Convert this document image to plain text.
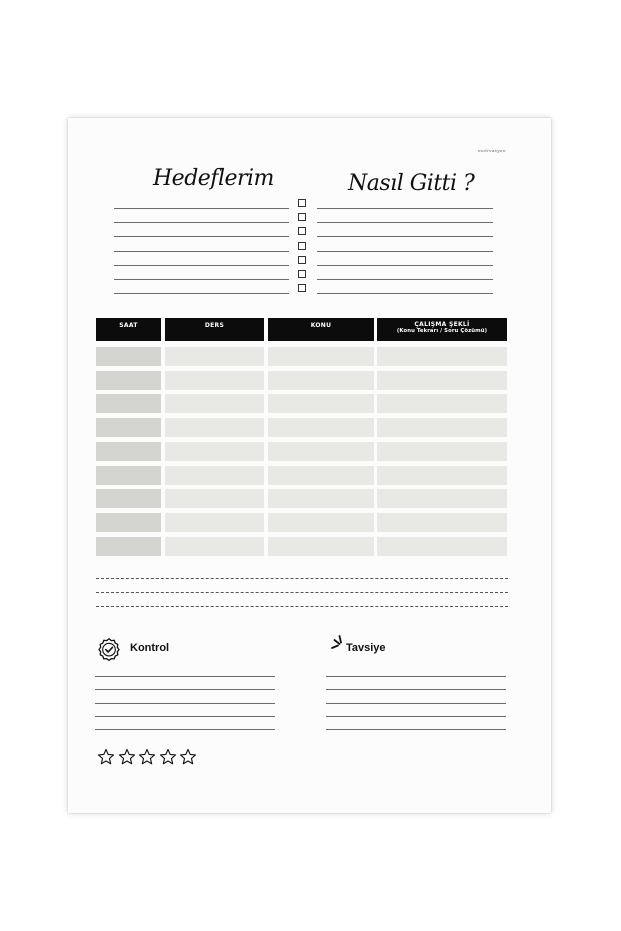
motivasyon
Hedeflerim	Nasıl Gitti ?
SAAT	DERS	KONU	ÇALIŞMA ŞEKLİ
(Konu Tekrarı / Soru Çözümü)
Kontrol	Tavsiye
